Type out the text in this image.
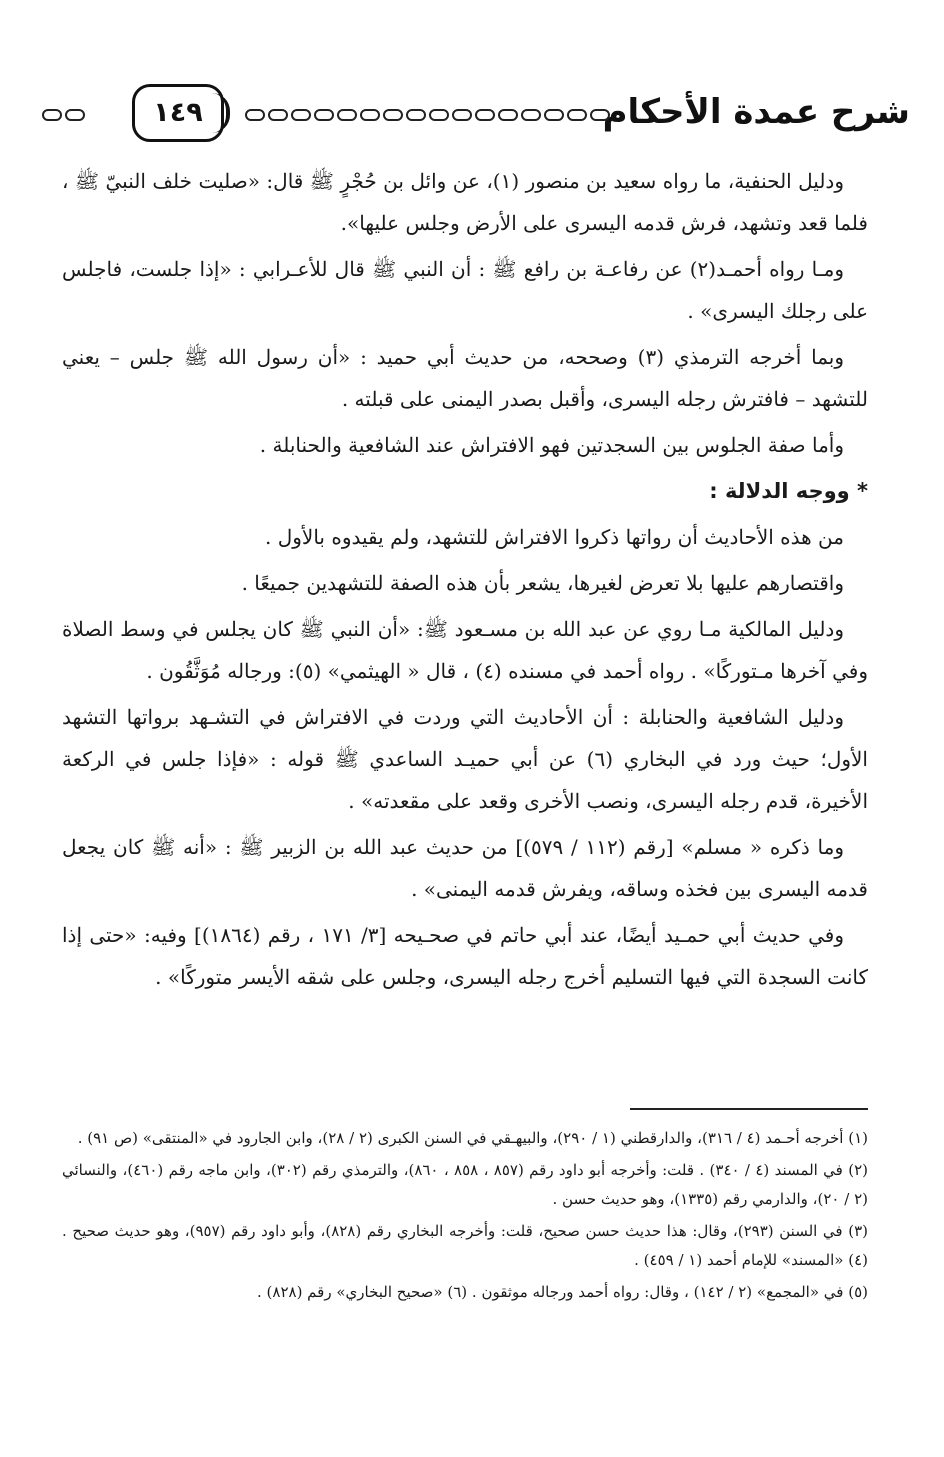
شرح عمدة الأحكام
١٤٩

ودليل الحنفية، ما رواه سعيد بن منصور (١)، عن وائل بن حُجْرٍ ﷺ قال: «صليت خلف النبيّ ﷺ ، فلما قعد وتشهد، فرش قدمه اليسرى على الأرض وجلس عليها».

ومـا رواه أحمـد(٢) عن رفاعـة بن رافع ﷺ : أن النبي ﷺ قال للأعـرابي : «إذا جلست، فاجلس على رجلك اليسرى» .

وبما أخرجه الترمذي (٣) وصححه، من حديث أبي حميد : «أن رسول الله ﷺ جلس – يعني للتشهد – فافترش رجله اليسرى، وأقبل بصدر اليمنى على قبلته .

وأما صفة الجلوس بين السجدتين فهو الافتراش عند الشافعية والحنابلة .

* ووجه الدلالة :

من هذه الأحاديث أن رواتها ذكروا الافتراش للتشهد، ولم يقيدوه بالأول .

واقتصارهم عليها بلا تعرض لغيرها، يشعر بأن هذه الصفة للتشهدين جميعًا .

ودليل المالكية مـا روي عن عبد الله بن مسـعود ﷺ: «أن النبي ﷺ كان يجلس في وسط الصلاة وفي آخرها مـتوركًا» . رواه أحمد في مسنده (٤) ، قال « الهيثمي» (٥): ورجاله مُوَثَّقُون .

ودليل الشافعية والحنابلة : أن الأحاديث التي وردت في الافتراش في التشـهد برواتها التشهد الأول؛ حيث ورد في البخاري (٦) عن أبي حميـد الساعدي ﷺ قوله : «فإذا جلس في الركعة الأخيرة، قدم رجله اليسرى، ونصب الأخرى وقعد على مقعدته» .

وما ذكره « مسلم» [رقم (١١٢ / ٥٧٩)] من حديث عبد الله بن الزبير ﷺ : «أنه ﷺ كان يجعل قدمه اليسرى بين فخذه وساقه، ويفرش قدمه اليمنى» .

وفي حديث أبي حمـيد أيضًا، عند أبي حاتم في صحـيحه [٣/ ١٧١ ، رقم (١٨٦٤)] وفيه: «حتى إذا كانت السجدة التي فيها التسليم أخرج رجله اليسرى، وجلس على شقه الأيسر متوركًا» .

(١) أخرجه أحـمد (٤ / ٣١٦)، والدارقطني (١ / ٢٩٠)، والبيهـقي في السنن الكبرى (٢ / ٢٨)، وابن الجارود في «المنتقى» (ص ٩١) .

(٢) في المسند (٤ / ٣٤٠) . قلت: وأخرجه أبو داود رقم (٨٥٧ ، ٨٥٨ ، ٨٦٠)، والترمذي رقم (٣٠٢)، وابن ماجه رقم (٤٦٠)، والنسائي (٢ / ٢٠)، والدارمي رقم (١٣٣٥)، وهو حديث حسن .

(٣) في السنن (٢٩٣)، وقال: هذا حديث حسن صحيح، قلت: وأخرجه البخاري رقم (٨٢٨)، وأبو داود رقم (٩٥٧)، وهو حديث صحيح . (٤) «المسند» للإمام أحمد (١ / ٤٥٩) .

(٥) في «المجمع» (٢ / ١٤٢) ، وقال: رواه أحمد ورجاله موثقون . (٦) «صحيح البخاري» رقم (٨٢٨) .
